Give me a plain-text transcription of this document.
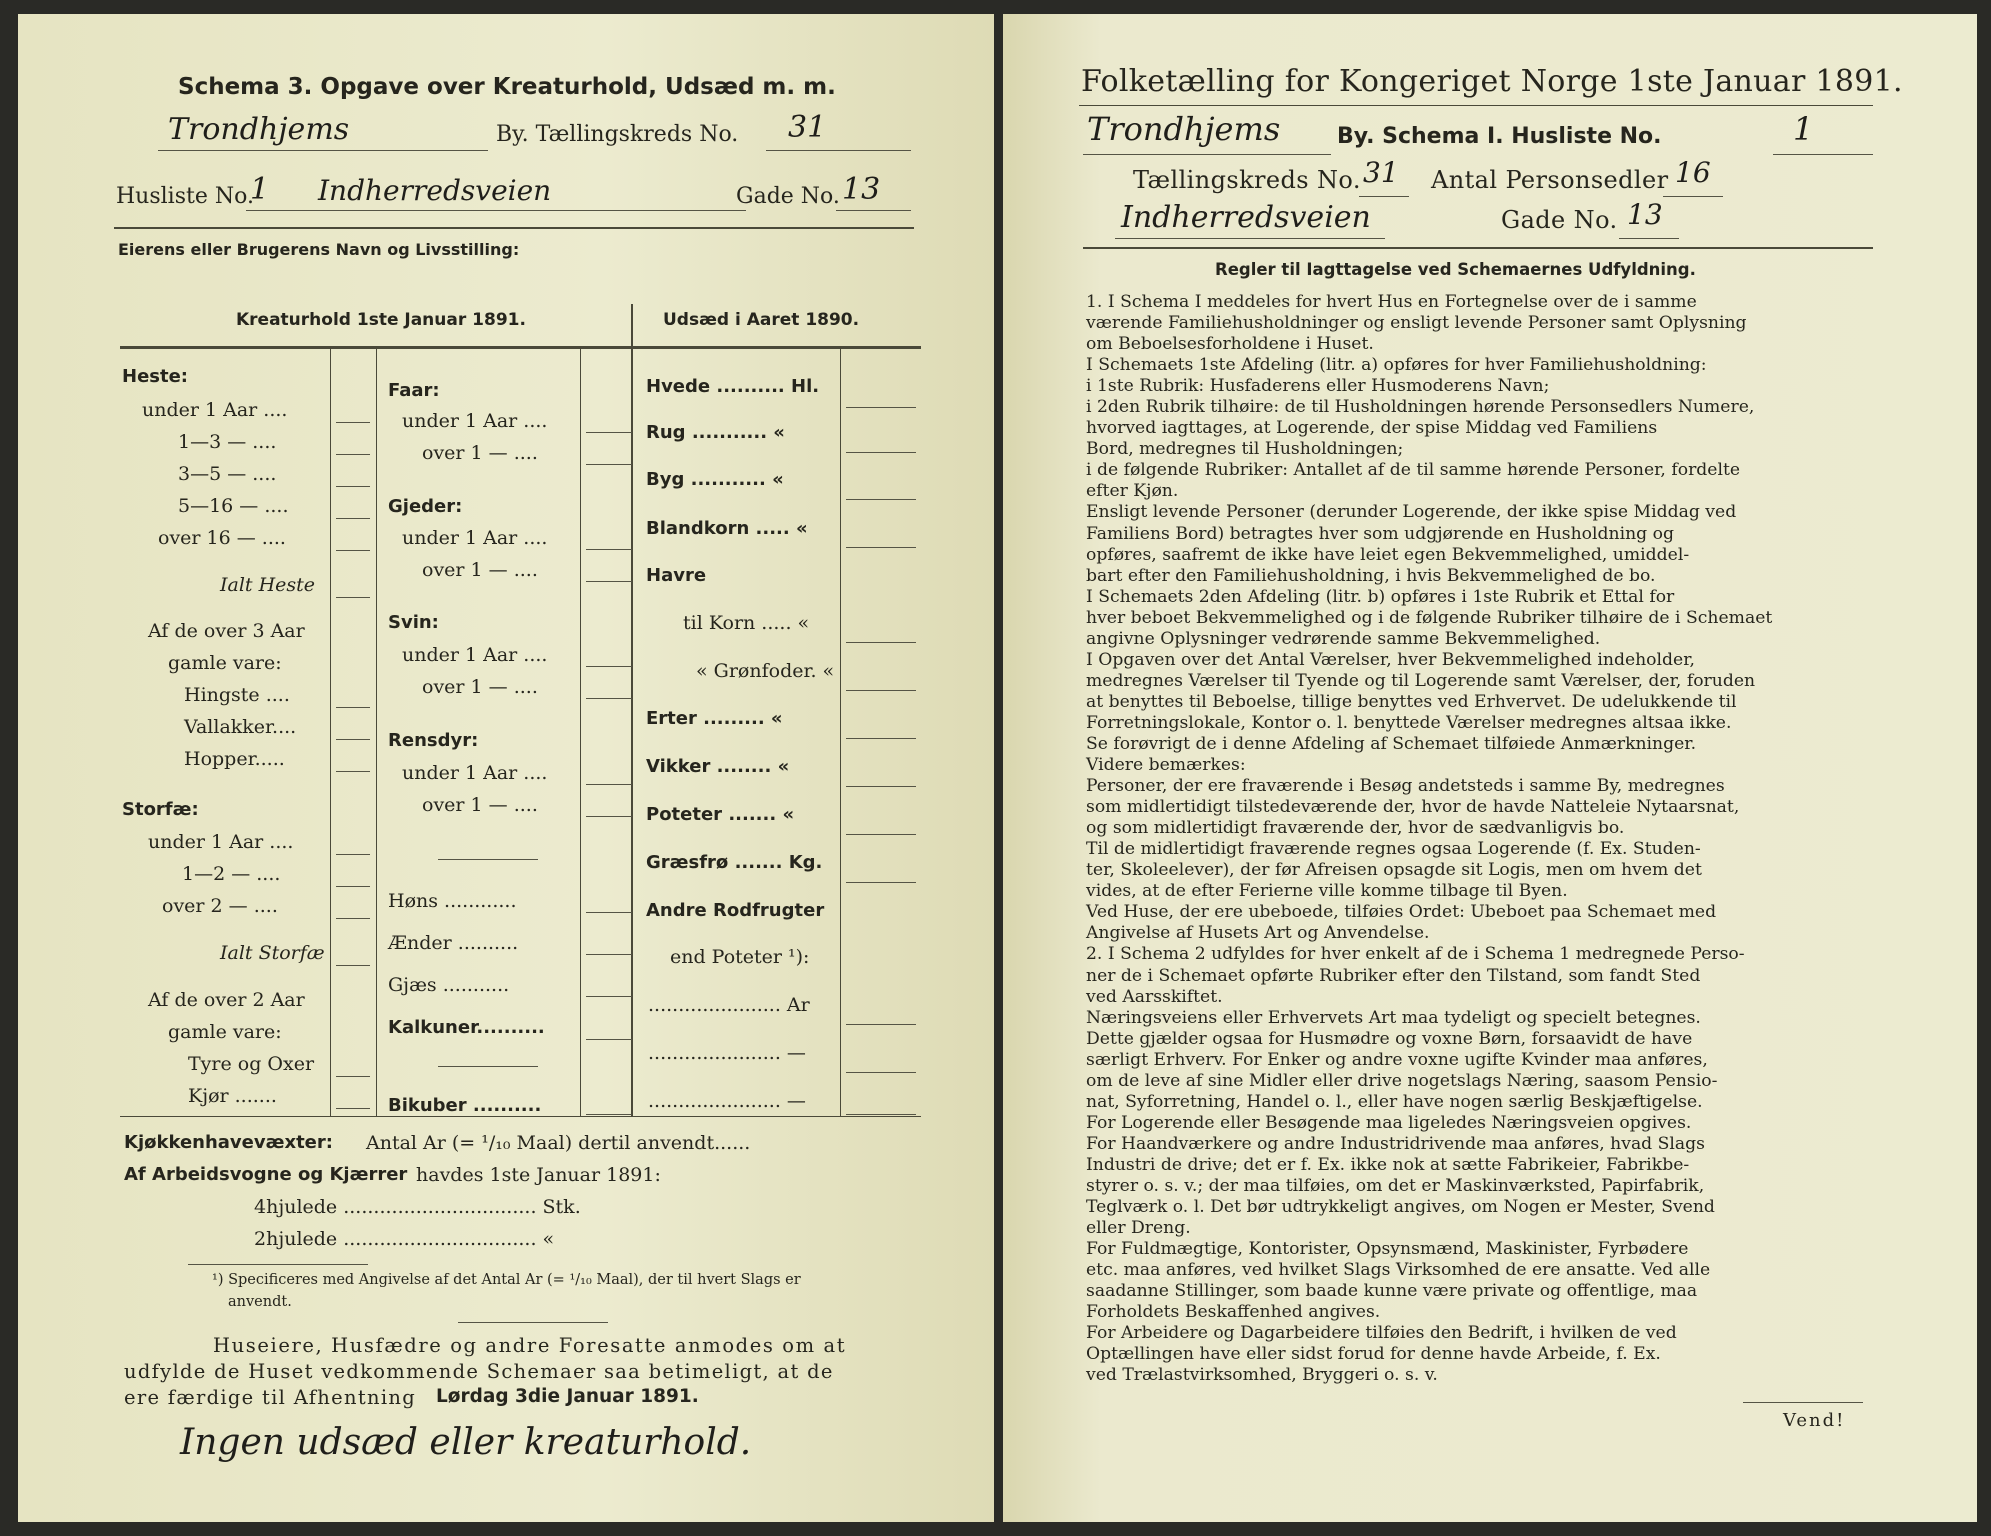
Schema 3. Opgave over Kreaturhold, Udsæd m. m.
Trondhjems	By. Tællingskreds No. 31
Husliste No.
1 Indherredsveien	Gade No. 13
Eierens eller Brugerens Navn og Livsstilling:
Kreaturhold 1ste Januar 1891.	Udsæd i Aaret 1890.
Heste:
under 1 Aar ....
1—3 — ....
3—5 — ....
5—16 — ....
over 16 — ....
Ialt Heste
Af de over 3 Aar
gamle vare:
Hingste ....
Vallakker....
Hopper.....
Storfæ:
under 1 Aar ....
1—2 — ....
over 2 — ....
Ialt Storfæ
Af de over 2 Aar
gamle vare:
Tyre og Oxer
Kjør .......
Faar:
under 1 Aar ....
over 1 — ....
Gjeder:
under 1 Aar ....
over 1 — ....
Svin:
under 1 Aar ....
over 1 — ....
Rensdyr:
under 1 Aar ....
over 1 — ....
Høns ............
Ænder ..........
Gjæs ...........
Kalkuner..........
Bikuber ..........
Hvede .......... Hl.
Rug ........... «
Byg ........... «
Blandkorn ..... «
Havre
til Korn ..... «
« Grønfoder. «
Erter ......... «
Vikker ........ «
Poteter ....... «
Græsfrø ....... Kg.
Andre Rodfrugter
end Poteter ¹):
...................... Ar
...................... —
...................... —
Kjøkkenhavevæxter: Antal Ar (= ¹/₁₀ Maal) dertil anvendt......
Af Arbeidsvogne og Kjærrer havdes 1ste Januar 1891:
4hjulede ................................ Stk.
2hjulede ................................ «
¹) Specificeres med Angivelse af det Antal Ar (= ¹/₁₀ Maal), der til hvert Slags er
anvendt.
Huseiere, Husfædre og andre Foresatte anmodes om at
udfylde de Huset vedkommende Schemaer saa betimeligt, at de
ere færdige til Afhentning Lørdag 3die Januar 1891.
Ingen udsæd eller kreaturhold.
Folketælling for Kongeriget Norge 1ste Januar 1891.
Trondhjems	By. Schema I. Husliste No.	1
Tællingskreds No. 31 Antal Personsedler 16
Indherredsveien	Gade No. 13
Regler til Iagttagelse ved Schemaernes Udfyldning.

1. I Schema I meddeles for hvert Hus en Fortegnelse over de i samme

værende Familiehusholdninger og ensligt levende Personer samt Oplysning

om Beboelsesforholdene i Huset.

I Schemaets 1ste Afdeling (litr. a) opføres for hver Familiehusholdning:

i 1ste Rubrik: Husfaderens eller Husmoderens Navn;

i 2den Rubrik tilhøire: de til Husholdningen hørende Personsedlers Numere,

hvorved iagttages, at Logerende, der spise Middag ved Familiens

Bord, medregnes til Husholdningen;

i de følgende Rubriker: Antallet af de til samme hørende Personer, fordelte

efter Kjøn.

Ensligt levende Personer (derunder Logerende, der ikke spise Middag ved

Familiens Bord) betragtes hver som udgjørende en Husholdning og

opføres, saafremt de ikke have leiet egen Bekvemmelighed, umiddel-

bart efter den Familiehusholdning, i hvis Bekvemmelighed de bo.

I Schemaets 2den Afdeling (litr. b) opføres i 1ste Rubrik et Ettal for

hver beboet Bekvemmelighed og i de følgende Rubriker tilhøire de i Schemaet

angivne Oplysninger vedrørende samme Bekvemmelighed.

I Opgaven over det Antal Værelser, hver Bekvemmelighed indeholder,

medregnes Værelser til Tyende og til Logerende samt Værelser, der, foruden

at benyttes til Beboelse, tillige benyttes ved Erhvervet. De udelukkende til

Forretningslokale, Kontor o. l. benyttede Værelser medregnes altsaa ikke.

Se forøvrigt de i denne Afdeling af Schemaet tilføiede Anmærkninger.

Videre bemærkes:

Personer, der ere fraværende i Besøg andetsteds i samme By, medregnes

som midlertidigt tilstedeværende der, hvor de havde Natteleie Nytaarsnat,

og som midlertidigt fraværende der, hvor de sædvanligvis bo.

Til de midlertidigt fraværende regnes ogsaa Logerende (f. Ex. Studen-

ter, Skoleelever), der før Afreisen opsagde sit Logis, men om hvem det

vides, at de efter Ferierne ville komme tilbage til Byen.

Ved Huse, der ere ubeboede, tilføies Ordet: Ubeboet paa Schemaet med

Angivelse af Husets Art og Anvendelse.

2. I Schema 2 udfyldes for hver enkelt af de i Schema 1 medregnede Perso-

ner de i Schemaet opførte Rubriker efter den Tilstand, som fandt Sted

ved Aarsskiftet.

Næringsveiens eller Erhvervets Art maa tydeligt og specielt betegnes.

Dette gjælder ogsaa for Husmødre og voxne Børn, forsaavidt de have

særligt Erhverv. For Enker og andre voxne ugifte Kvinder maa anføres,

om de leve af sine Midler eller drive nogetslags Næring, saasom Pensio-

nat, Syforretning, Handel o. l., eller have nogen særlig Beskjæftigelse.

For Logerende eller Besøgende maa ligeledes Næringsveien opgives.

For Haandværkere og andre Industridrivende maa anføres, hvad Slags

Industri de drive; det er f. Ex. ikke nok at sætte Fabrikeier, Fabrikbe-

styrer o. s. v.; der maa tilføies, om det er Maskinværksted, Papirfabrik,

Teglværk o. l. Det bør udtrykkeligt angives, om Nogen er Mester, Svend

eller Dreng.

For Fuldmægtige, Kontorister, Opsynsmænd, Maskinister, Fyrbødere

etc. maa anføres, ved hvilket Slags Virksomhed de ere ansatte. Ved alle

saadanne Stillinger, som baade kunne være private og offentlige, maa

Forholdets Beskaffenhed angives.

For Arbeidere og Dagarbeidere tilføies den Bedrift, i hvilken de ved

Optællingen have eller sidst forud for denne havde Arbeide, f. Ex.

ved Trælastvirksomhed, Bryggeri o. s. v.

Vend!
